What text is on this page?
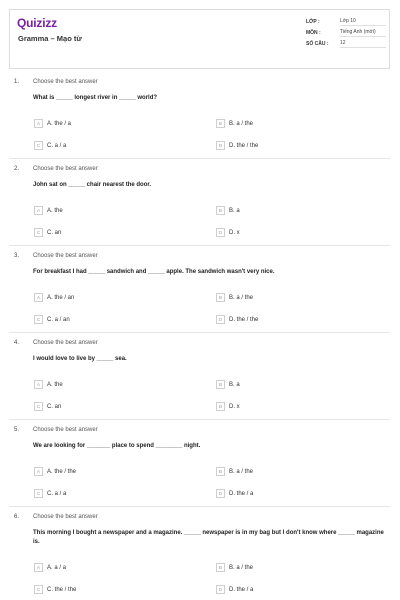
Quizizz
Gramma – Mạo từ
LỚP :	Lớp 10
MÔN :	Tiếng Anh (mới)
SỐ CÂU :	12
1. Choose the best answer
What is _____ longest river in _____ world?
A	A. the / a	B	B. a / the
C	C. a / a	D	D. the / the
2. Choose the best answer
John sat on _____ chair nearest the door.
A	A. the	B	B. a
C	C. an	D	D. x
3. Choose the best answer
For breakfast I had _____ sandwich and _____ apple. The sandwich wasn't very nice.
A	A. the / an	B	B. a / the
C	C. a / an	D	D. the / the
4. Choose the best answer
I would love to live by _____ sea.
A	A. the	B	B. a
C	C. an	D	D. x
5. Choose the best answer
We are looking for _______ place to spend ________ night.
A	A. the / the	B	B. a / the
C	C. a / a	D	D. the / a
6. Choose the best answer
This morning I bought a newspaper and a magazine. _____ newspaper is in my bag but I don't know where _____ magazine is.
A	A. a / a	B	B. a / the
C	C. the / the	D	D. the / a
